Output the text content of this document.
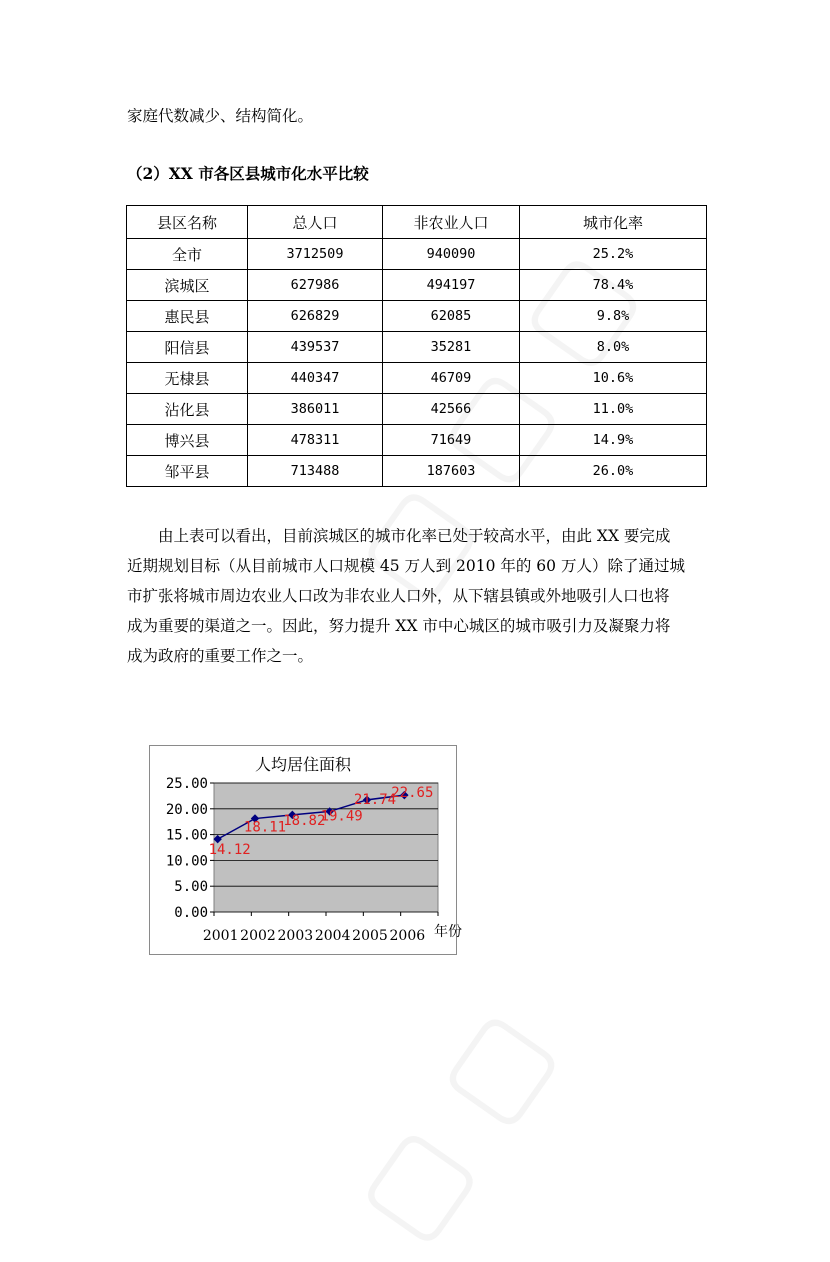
家庭代数减少、结构简化。
（2）XX 市各区县城市化水平比较
县区名称	总人口	非农业人口	城市化率
全市	3712509	940090	25.2%
滨城区	627986	494197	78.4%
惠民县	626829	62085	9.8%
阳信县	439537	35281	8.0%
无棣县	440347	46709	10.6%
沾化县	386011	42566	11.0%
博兴县	478311	71649	14.9%
邹平县	713488	187603	26.0%
由上表可以看出，目前滨城区的城市化率已处于较高水平，由此 XX 要完成
近期规划目标（从目前城市人口规模 45 万人到 2010 年的 60 万人）除了通过城
市扩张将城市周边农业人口改为非农业人口外，从下辖县镇或外地吸引人口也将
成为重要的渠道之一。因此，努力提升 XX 市中心城区的城市吸引力及凝聚力将
成为政府的重要工作之一。
人均居住面积
0.00
5.00
10.00
15.00
20.00
25.00
2001 2002 2003 2004 2005 2006 年份
14.12
18.11
18.82
19.49
21.74
22.65
